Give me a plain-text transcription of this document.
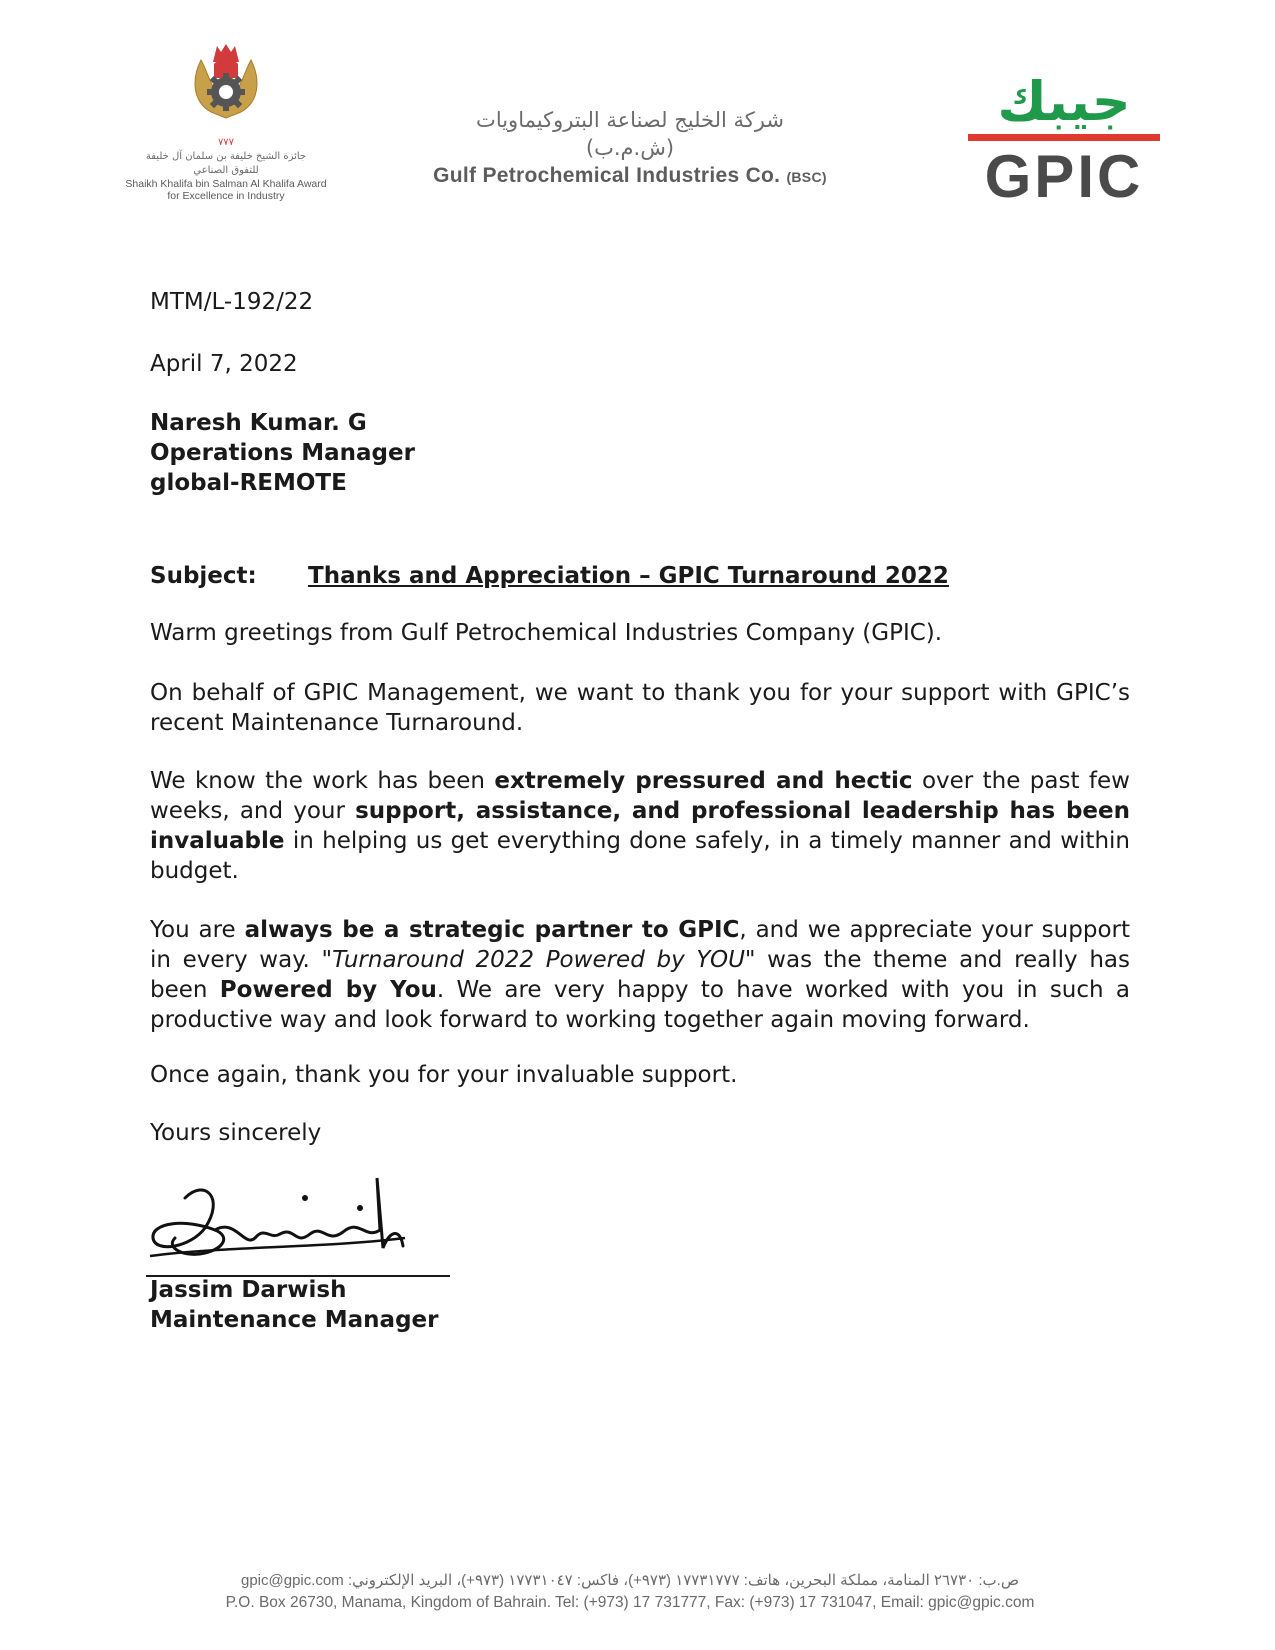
۷۷۷
جائزة الشيخ خليفة بن سلمان آل خليفة
للتفوق الصناعي
Shaikh Khalifa bin Salman Al Khalifa Award
for Excellence in Industry
شركة الخليج لصناعة البتروكيماويات (ش.م.ب)
Gulf Petrochemical Industries Co. (BSC)
جيبك
GPIC
MTM/L-192/22
April 7, 2022
Naresh Kumar. G
Operations Manager
global-REMOTE
Subject: Thanks and Appreciation – GPIC Turnaround 2022
Warm greetings from Gulf Petrochemical Industries Company (GPIC).
On behalf of GPIC Management, we want to thank you for your support with GPIC’s recent Maintenance Turnaround.
We know the work has been extremely pressured and hectic over the past few weeks, and your support, assistance, and professional leadership has been invaluable in helping us get everything done safely, in a timely manner and within budget.
You are always be a strategic partner to GPIC, and we appreciate your support in every way. "Turnaround 2022 Powered by YOU" was the theme and really has been Powered by You. We are very happy to have worked with you in such a productive way and look forward to working together again moving forward.
Once again, thank you for your invaluable support.
Yours sincerely
Jassim Darwish
Maintenance Manager
ص.ب: ٢٦٧٣٠ المنامة، مملكة البحرين، هاتف: ١٧٧٣١٧٧٧ (٩٧٣+)، فاكس: ١٧٧٣١٠٤٧ (٩٧٣+)، البريد الإلكتروني: gpic@gpic.com
P.O. Box 26730, Manama, Kingdom of Bahrain. Tel: (+973) 17 731777, Fax: (+973) 17 731047, Email: gpic@gpic.com
